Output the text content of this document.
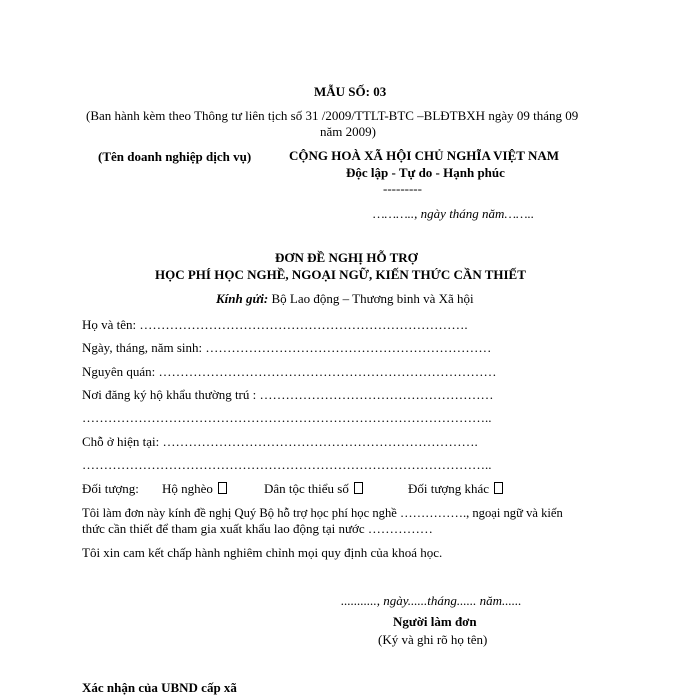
MẪU SỐ: 03
(Ban hành kèm theo Thông tư liên tịch số 31 /2009/TTLT-BTC –BLĐTBXH ngày 09 tháng 09
năm 2009)
(Tên doanh nghiệp dịch vụ)	CỘNG HOÀ XÃ HỘI CHỦ NGHĨA VIỆT NAM
Độc lập - Tự do - Hạnh phúc
---------
……….., ngày tháng năm……..
ĐƠN ĐỀ NGHỊ HỖ TRỢ
HỌC PHÍ HỌC NGHỀ, NGOẠI NGỮ, KIẾN THỨC CẦN THIẾT
Kính gửi: Bộ Lao động – Thương binh và Xã hội
Họ và tên: ………………………………………………………………….
Ngày, tháng, năm sinh: …………………………………………………………
Nguyên quán: ……………………………………………………………………
Nơi đăng ký hộ khẩu thường trú : ………………………………………………
…………………………………………………………………………………..
Chỗ ở hiện tại: ……………………………………………………………….
…………………………………………………………………………………..
Đối tượng: Hộ nghèo	Dân tộc thiểu số	Đối tượng khác
Tôi làm đơn này kính đề nghị Quý Bộ hỗ trợ học phí học nghề ……………., ngoại ngữ và kiến
thức cần thiết để tham gia xuất khẩu lao động tại nước ……………
Tôi xin cam kết chấp hành nghiêm chỉnh mọi quy định của khoá học.
..........., ngày......tháng...... năm......
Người làm đơn
(Ký và ghi rõ họ tên)
Xác nhận của UBND cấp xã
